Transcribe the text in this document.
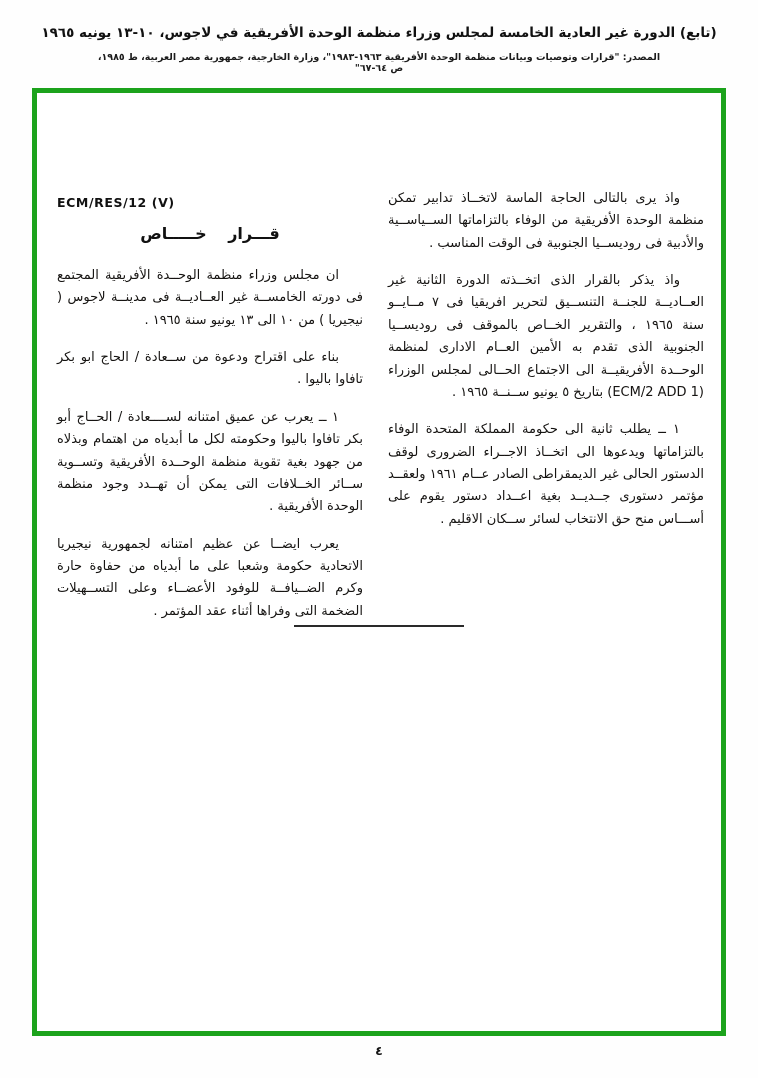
(تابع) الدورة غير العادية الخامسة لمجلس وزراء منظمة الوحدة الأفريقية في لاجوس، ١٠-١٣ يونيه ١٩٦٥
المصدر: "قرارات وتوصيات وبيانات منظمة الوحدة الأفريقية ١٩٦٣-١٩٨٣"، وزارة الخارجية، جمهورية مصر العربية، ط ١٩٨٥، ص ٦٤-٦٧"

واذ يرى بالتالى الحاجة الماسة لاتخــاذ تدابير تمكن منظمة الوحدة الأفريقية من الوفاء بالتزاماتها الســياســية والأدبية فى روديســيا الجنوبية فى الوقت المناسب .

واذ يذكر بالقرار الذى اتخــذته الدورة الثانية غير العــاديــة للجنــة التنســيق لتحرير افريقيا فى ٧ مــايــو سنة ١٩٦٥ ، والتقرير الخــاص بالموقف فى روديســيا الجنوبية الذى تقدم به الأمين العــام الادارى لمنظمة الوحــدة الأفريقيــة الى الاجتماع الحــالى لمجلس الوزراء (ECM/2 ADD 1) بتاريخ ٥ يونيو ســنــة ١٩٦٥ .

١ ــ يطلب ثانية الى حكومة المملكة المتحدة الوفاء بالتزاماتها ويدعوها الى اتخــاذ الاجــراء الضرورى لوقف الدستور الحالى غير الديمقراطى الصادر عــام ١٩٦١ ولعقــد مؤتمر دستورى جــديــد بغية اعــداد دستور يقوم على أســـاس منح حق الانتخاب لسائر ســكان الاقليم .

ECM/RES/12 (V)
قـــرار خـــــاص

ان مجلس وزراء منظمة الوحــدة الأفريقية المجتمع فى دورته الخامســة غير العــاديــة فى مدينــة لاجوس ( نيجيريا ) من ١٠ الى ١٣ يونيو سنة ١٩٦٥ .

بناء على اقتراح ودعوة من ســعادة / الحاج ابو بكر تافاوا باليوا .

١ ــ يعرب عن عميق امتنانه لســــعادة / الحــاج أبو بكر تافاوا باليوا وحكومته لكل ما أبدياه من اهتمام وبذلاه من جهود بغية تقوية منظمة الوحــدة الأفريقية وتســوية ســائر الخــلافات التى يمكن أن تهــدد وجود منظمة الوحدة الأفريقية .

يعرب ايضــا عن عظيم امتنانه لجمهورية نيجيريا الاتحادية حكومة وشعبا على ما أبدياه من حفاوة حارة وكرم الضــيافــة للوفود الأعضــاء وعلى التســهيلات الضخمة التى وفراها أثناء عقد المؤتمر .

٤
